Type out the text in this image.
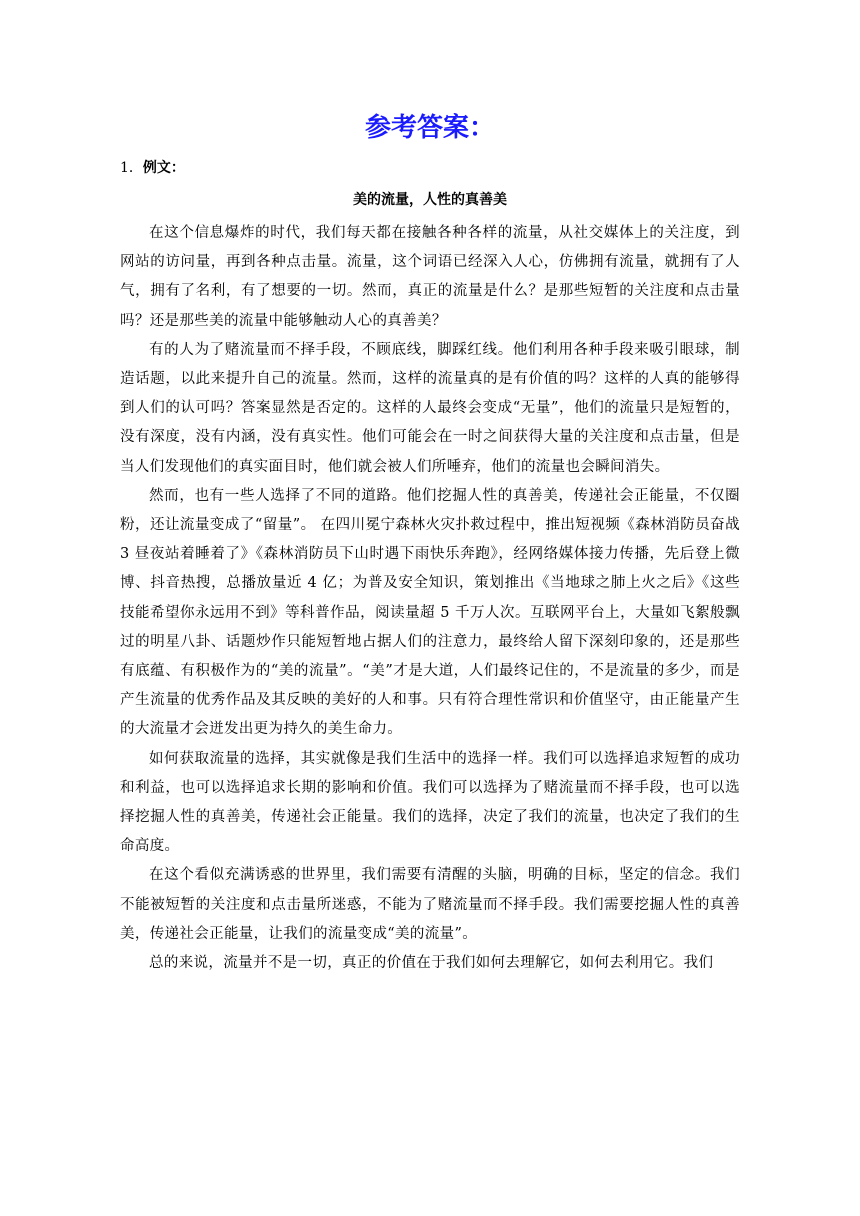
参考答案：
1．例文：
美的流量，人性的真善美

在这个信息爆炸的时代，我们每天都在接触各种各样的流量，从社交媒体上的关注度，到网站的访问量，再到各种点击量。流量，这个词语已经深入人心，仿佛拥有流量，就拥有了人气，拥有了名利，有了想要的一切。然而，真正的流量是什么？是那些短暂的关注度和点击量吗？还是那些美的流量中能够触动人心的真善美？

有的人为了赌流量而不择手段，不顾底线，脚踩红线。他们利用各种手段来吸引眼球，制造话题，以此来提升自己的流量。然而，这样的流量真的是有价值的吗？这样的人真的能够得到人们的认可吗？答案显然是否定的。这样的人最终会变成“无量”，他们的流量只是短暂的，没有深度，没有内涵，没有真实性。他们可能会在一时之间获得大量的关注度和点击量，但是当人们发现他们的真实面目时，他们就会被人们所唾弃，他们的流量也会瞬间消失。

然而，也有一些人选择了不同的道路。他们挖掘人性的真善美，传递社会正能量，不仅圈粉，还让流量变成了“留量”。 在四川冕宁森林火灾扑救过程中，推出短视频《森林消防员奋战 3 昼夜站着睡着了》《森林消防员下山时遇下雨快乐奔跑》，经网络媒体接力传播，先后登上微博、抖音热搜，总播放量近 4 亿；为普及安全知识，策划推出《当地球之肺上火之后》《这些技能希望你永远用不到》等科普作品，阅读量超 5 千万人次。互联网平台上，大量如飞絮般飘过的明星八卦、话题炒作只能短暂地占据人们的注意力，最终给人留下深刻印象的，还是那些有底蕴、有积极作为的“美的流量”。“美”才是大道，人们最终记住的，不是流量的多少，而是产生流量的优秀作品及其反映的美好的人和事。只有符合理性常识和价值坚守，由正能量产生的大流量才会迸发出更为持久的美生命力。

如何获取流量的选择，其实就像是我们生活中的选择一样。我们可以选择追求短暂的成功和利益，也可以选择追求长期的影响和价值。我们可以选择为了赌流量而不择手段，也可以选择挖掘人性的真善美，传递社会正能量。我们的选择，决定了我们的流量，也决定了我们的生命高度。

在这个看似充满诱惑的世界里，我们需要有清醒的头脑，明确的目标，坚定的信念。我们不能被短暂的关注度和点击量所迷惑，不能为了赌流量而不择手段。我们需要挖掘人性的真善美，传递社会正能量，让我们的流量变成“美的流量”。

总的来说，流量并不是一切，真正的价值在于我们如何去理解它，如何去利用它。我们
